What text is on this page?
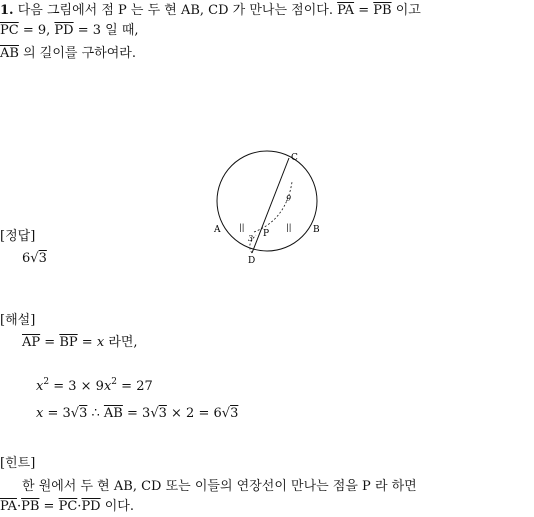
1. 다음 그림에서 점 P 는 두 현 AB, CD 가 만나는 점이다. $\overline{PA} = \overline{PB}$ 이고
$\overline{PC} = 9$, $\overline{PD} = 3$ 일 때,
$\overline{AB}$ 의 길이를 구하여라.
C
A	B
P
D
3
9
||	||
[정답]
6√3
[해설]
$\overline{AP} = \overline{BP} = x$ 라면,
$x^2 = 3 \times 9x^2 = 27$
x = 3√3 ∴ $\overline{AB} = 3√3 \times 2 = 6√3$
[힌트]
한 원에서 두 현 AB, CD 또는 이들의 연장선이 만나는 점을 P 라 하면
$\overline{PA}\cdot\overline{PB} = \overline{PC}\cdot\overline{PD}$ 이다.
